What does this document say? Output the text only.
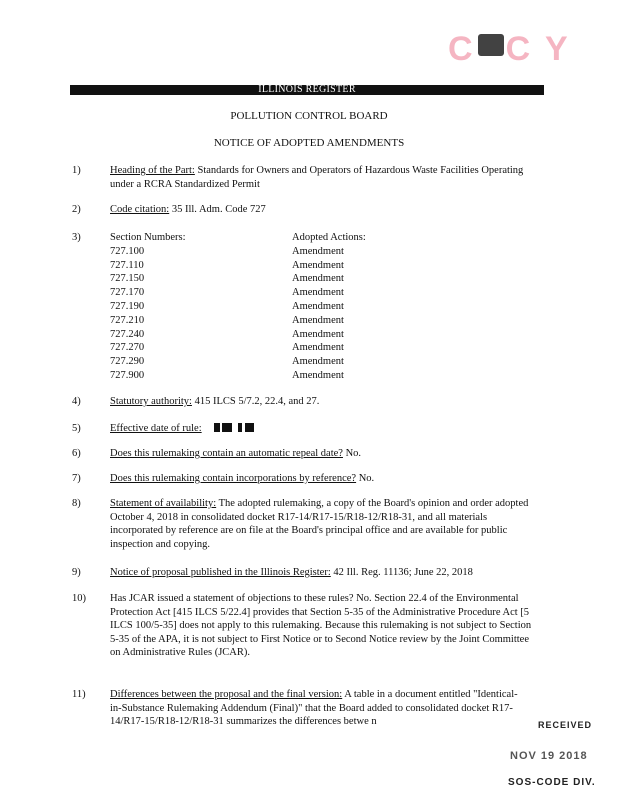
C C Y
ILLINOIS REGISTER
POLLUTION CONTROL BOARD
NOTICE OF ADOPTED AMENDMENTS
1)	Heading of the Part: Standards for Owners and Operators of Hazardous Waste Facilities Operating under a RCRA Standardized Permit
2)	Code citation: 35 Ill. Adm. Code 727
3)	Section Numbers:	Adopted Actions:
727.100	Amendment
727.110	Amendment
727.150	Amendment
727.170	Amendment
727.190	Amendment
727.210	Amendment
727.240	Amendment
727.270	Amendment
727.290	Amendment
727.900	Amendment
4)	Statutory authority: 415 ILCS 5/7.2, 22.4, and 27.
5)	Effective date of rule:
6)	Does this rulemaking contain an automatic repeal date? No.
7)	Does this rulemaking contain incorporations by reference? No.
8)	Statement of availability: The adopted rulemaking, a copy of the Board's opinion and order adopted October 4, 2018 in consolidated docket R17-14/R17-15/R18-12/R18-31, and all materials incorporated by reference are on file at the Board's principal office and are available for public inspection and copying.
9)	Notice of proposal published in the Illinois Register: 42 Ill. Reg. 11136; June 22, 2018
10) Has JCAR issued a statement of objections to these rules? No. Section 22.4 of the Environmental Protection Act [415 ILCS 5/22.4] provides that Section 5-35 of the Administrative Procedure Act [5 ILCS 100/5-35] does not apply to this rulemaking. Because this rulemaking is not subject to Section 5-35 of the APA, it is not subject to First Notice or to Second Notice review by the Joint Committee on Administrative Rules (JCAR).
11) Differences between the proposal and the final version: A table in a document entitled "Identical-in-Substance Rulemaking Addendum (Final)" that the Board added to consolidated docket R17-14/R17-15/R18-12/R18-31 summarizes the differences betwe n	RECEIVED
NOV 19 2018
SOS-CODE DIV.
